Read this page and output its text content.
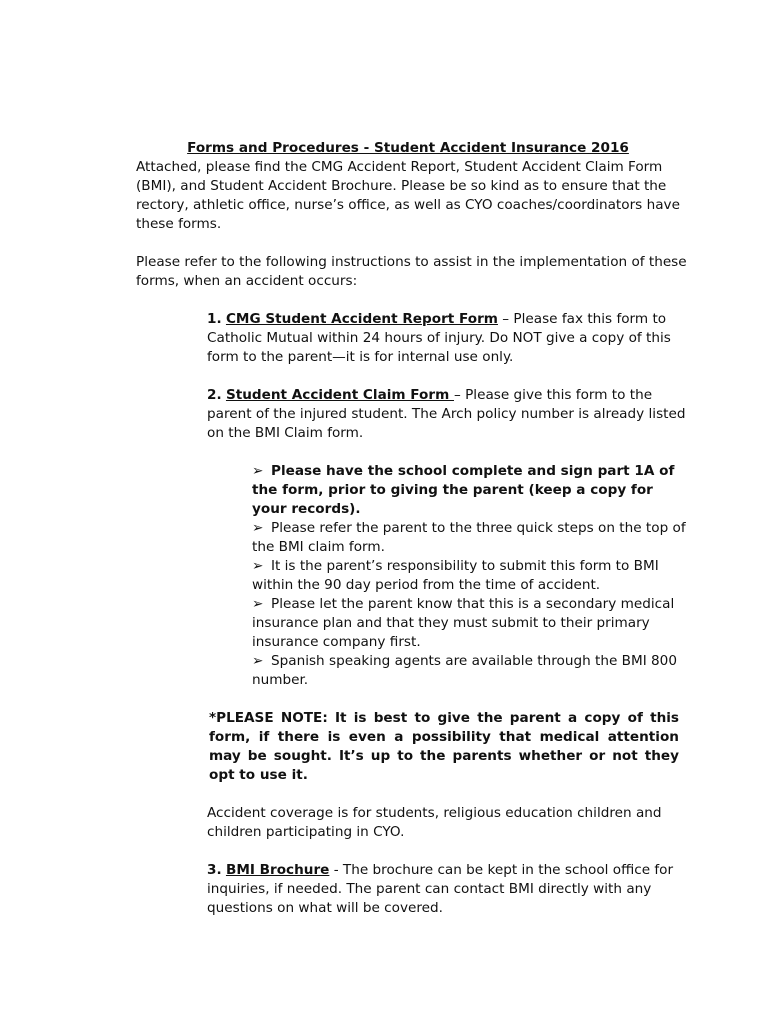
Forms and Procedures - Student Accident Insurance 2016

Attached, please find the CMG Accident Report, Student Accident Claim Form (BMI), and Student Accident Brochure. Please be so kind as to ensure that the rectory, athletic office, nurse’s office, as well as CYO coaches/coordinators have these forms.

Please refer to the following instructions to assist in the implementation of these forms, when an accident occurs:

1. CMG Student Accident Report Form – Please fax this form to Catholic Mutual within 24 hours of injury. Do NOT give a copy of this form to the parent—it is for internal use only.

2. Student Accident Claim Form – Please give this form to the parent of the injured student. The Arch policy number is already listed on the BMI Claim form.

➢ Please have the school complete and sign part 1A of the form, prior to giving the parent (keep a copy for your records).
➢ Please refer the parent to the three quick steps on the top of the BMI claim form.
➢ It is the parent’s responsibility to submit this form to BMI within the 90 day period from the time of accident.
➢ Please let the parent know that this is a secondary medical insurance plan and that they must submit to their primary insurance company first.
➢ Spanish speaking agents are available through the BMI 800 number.

*PLEASE NOTE: It is best to give the parent a copy of this form, if there is even a possibility that medical attention may be sought. It’s up to the parents whether or not they opt to use it.

Accident coverage is for students, religious education children and children participating in CYO.

3. BMI Brochure - The brochure can be kept in the school office for inquiries, if needed. The parent can contact BMI directly with any questions on what will be covered.
